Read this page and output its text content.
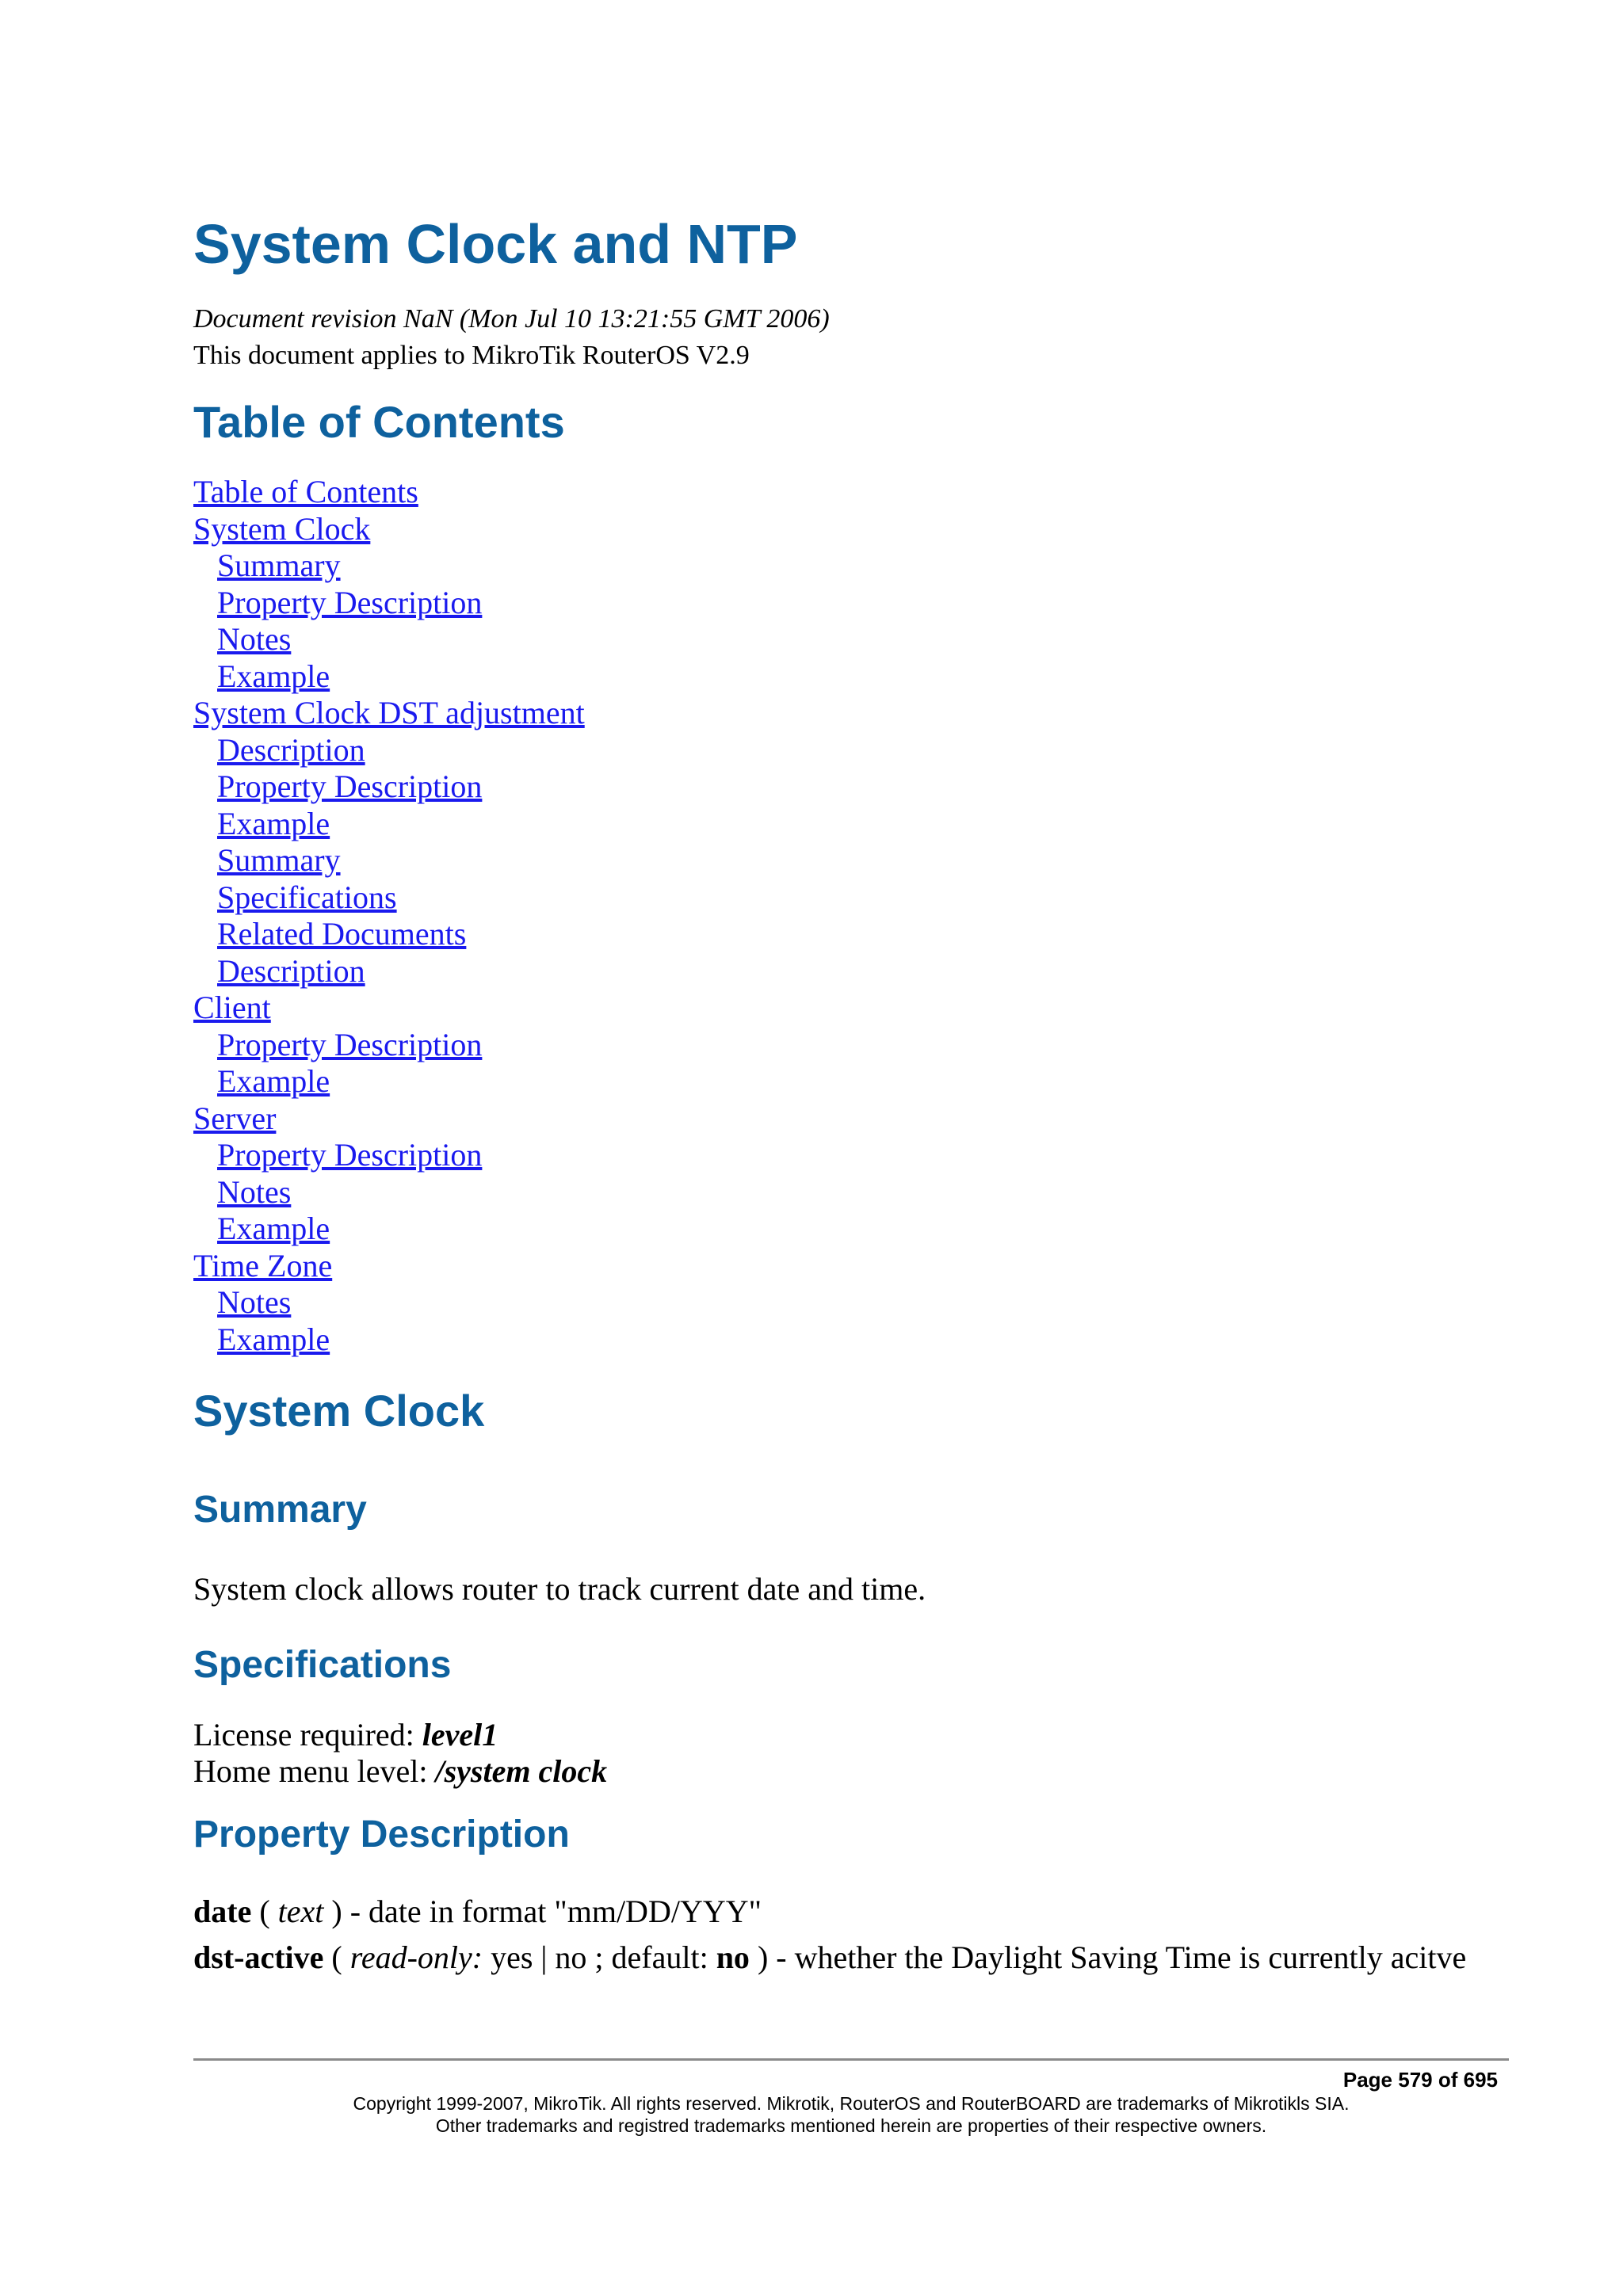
System Clock and NTP
Document revision NaN (Mon Jul 10 13:21:55 GMT 2006)
This document applies to MikroTik RouterOS V2.9
Table of Contents
Table of Contents
System Clock
Summary
Property Description
Notes
Example
System Clock DST adjustment
Description
Property Description
Example
Summary
Specifications
Related Documents
Description
Client
Property Description
Example
Server
Property Description
Notes
Example
Time Zone
Notes
Example
System Clock
Summary
System clock allows router to track current date and time.
Specifications
License required: level1
Home menu level: /system clock
Property Description
date ( text ) - date in format "mm/DD/YYY"
dst-active ( read-only: yes | no ; default: no ) - whether the Daylight Saving Time is currently acitve
Page 579 of 695
Copyright 1999-2007, MikroTik. All rights reserved. Mikrotik, RouterOS and RouterBOARD are trademarks of Mikrotikls SIA.
Other trademarks and registred trademarks mentioned herein are properties of their respective owners.
